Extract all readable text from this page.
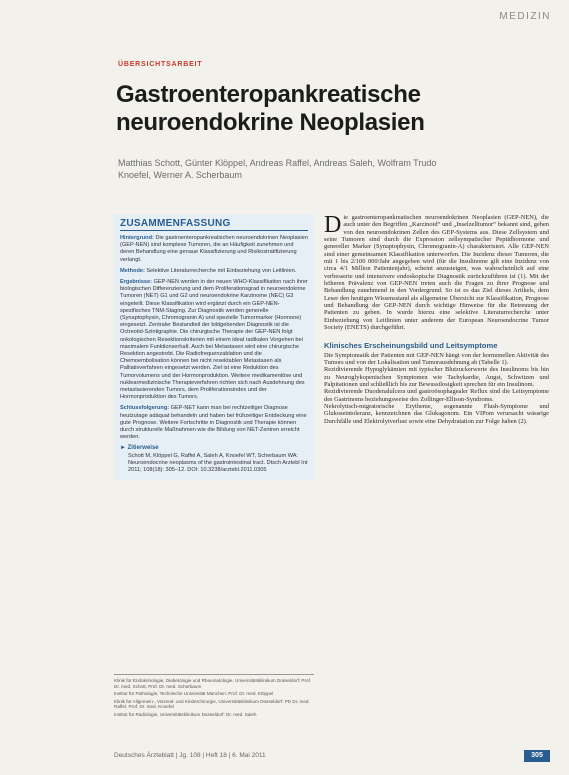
MEDIZIN
ÜBERSICHTSARBEIT
Gastroenteropankreatische neuroendokrine Neoplasien
Matthias Schott, Günter Klöppel, Andreas Raffel, Andreas Saleh, Wolfram Trudo Knoefel, Werner A. Scherbaum
ZUSAMMENFASSUNG

Hintergrund: Die gastroenteropankreatischen neuroendokrinen Neoplasien (GEP-NEN) sind komplexe Tumoren, die an Häufigkeit zunehmen und deren Behandlung eine genaue Klassifizierung und Risikostratifizierung verlangt.

Methode: Selektive Literaturrecherche mit Einbeziehung von Leitlinien.

Ergebnisse: GEP-NEN werden in der neuen WHO-Klassifikation nach ihrer biologischen Differenzierung und dem Proliferationsgrad in neuroendokrine Tumoren (NET) G1 und G2 und neuroendokrine Karzinome (NEC) G3 eingeteilt. Diese Klassifikation wird ergänzt durch ein GEP-NEN-spezifisches TNM-Staging. Zur Diagnostik werden generelle (Synaptophysin, Chromogranin A) und spezielle Tumormarker (Hormone) eingesetzt. Zentraler Bestandteil der bildgebenden Diagnostik ist die Octreotid-Szintigraphie. Die chirurgische Therapie der GEP-NEN folgt onkologischen Resektionskriterien mit einem ideal radikalen Vorgehen bei maximalem Funktionserhalt. Auch bei Metastasen wird eine chirurgische Resektion angestrebt. Die Radiofrequenzablation und die Chemoembolisation können bei nicht resektablen Metastasen als Palliativverfahren eingesetzt werden. Ziel ist eine Reduktion des Tumorvolumens und der Hormonproduktion. Weitere medikamentöse und nuklearmedizinische Therapieverfahren richten sich nach Ausdehnung des metastasierenden Tumors, dem Proliferationsindex und der Hormonproduktion des Tumors.

Schlussfolgerung: GEP-NET kann man bei rechtzeitiger Diagnose heutzutage adäquat behandeln und haben bei frühzeitiger Entdeckung eine gute Prognose. Weitere Fortschritte in Diagnostik und Therapie können durch strukturelle Maßnahmen wie die Bildung von NET-Zentren erreicht werden.

► Zitierweise
Schott M, Klöppel G, Raffel A, Saleh A, Knoefel WT, Scherbaum WA: Neuroendocrine neoplasms of the gastrointestinal tract. Dtsch Arztebl Int 2011; 108(18): 305–12. DOI: 10.3238/arztebl.2011.0305
Klinik für Endokrinologie, Diabetologie und Rheumatologie, Universitätsklinikum Düsseldorf: Prof. Dr. med. Schott, Prof. Dr. med. Scherbaum
Institut für Pathologie, Technische Universität München: Prof. Dr. med. Klöppel
Klinik für Allgemein-, Viszeral- und Kinderchirurgie, Universitätsklinikum Düsseldorf: PD Dr. med. Raffel, Prof. Dr. med. Knoefel
Institut für Radiologie, Universitätsklinikum Düsseldorf: Dr. med. Saleh

Die gastroenteropankreatischen neuroendokrinen Neoplasien (GEP-NEN), die auch unter den Begriffen „Karzinoid“ und „Inselzelltumor“ bekannt sind, gehen von den neuroendokrinen Zellen des GEP-Systems aus. Diese Zellsystem und seine Tumoren sind durch die Expression zellsympatischer Peptidhormone und genereller Marker (Synaptophysin, Chromogranin-A) charakterisiert. Alle GEP-NEN sind einer gemeinsamen Klassifikation unterworfen. Die Inzidenz dieser Tumoren, die mit 1 bis 2/100 000/Jahr angegeben wird (für die Insulinome gilt eine Inzidenz von circa 4/1 Million Patientenjahr), scheint anzusteigen, was wahrscheinlich auf eine verbesserte und intensivere endoskopische Diagnostik zurückzuführen ist (1). Mit der höheren Prävalenz von GEP-NEN treten auch die Fragen zu ihrer Prognose und Behandlung zunehmend in den Vordergrund. So ist es das Ziel dieses Artikels, dem Leser den heutigen Wissensstand als allgemeine Übersicht zur Klassifikation, Prognose und Behandlung der GEP-NEN durch wichtige Hinweise für die Betreuung der Patienten zu geben. In wurde hierzu eine selektive Literaturrecherche unter Einbeziehung von Leitlinien unter anderem der European Neuroendocrine Tumor Society (ENETS) durchgeführt.

Klinisches Erscheinungsbild und Leitsymptome

Die Symptomatik der Patienten mit GEP-NEN hängt von der hormonellen Aktivität des Tumors und von der Lokalisation und Tumorausdehnung ab (Tabelle 1).

Rezidivierende Hypoglykämien mit typischer Blutzuckerwerte des Insulinoms bis hin zu Neuroglykopenischen Symptomen wie Tachykardie, Angst, Schwitzen und Palpitationen und schließlich bis zur Bewusstlosigkeit sprechen für ein Insulinom.

Rezidivierende Duodenalulcera und gastroösophagealer Reflux sind die Leitsymptome des Gastrinoms beziehungsweise des Zollinger-Ellison-Syndroms.

Nekrolytisch-migratorische Erytheme, sogenannte Flush-Symptome und Glukoseintoleranz, kennzeichnen das Glukagonom. Ein VIPom verursacht wässrige Durchfälle und Elektrolytverlust sowie eine Dehydratation zur Folge haben (2).

Deutsches Ärzteblatt | Jg. 108 | Heft 18 | 6. Mai 2011	305
